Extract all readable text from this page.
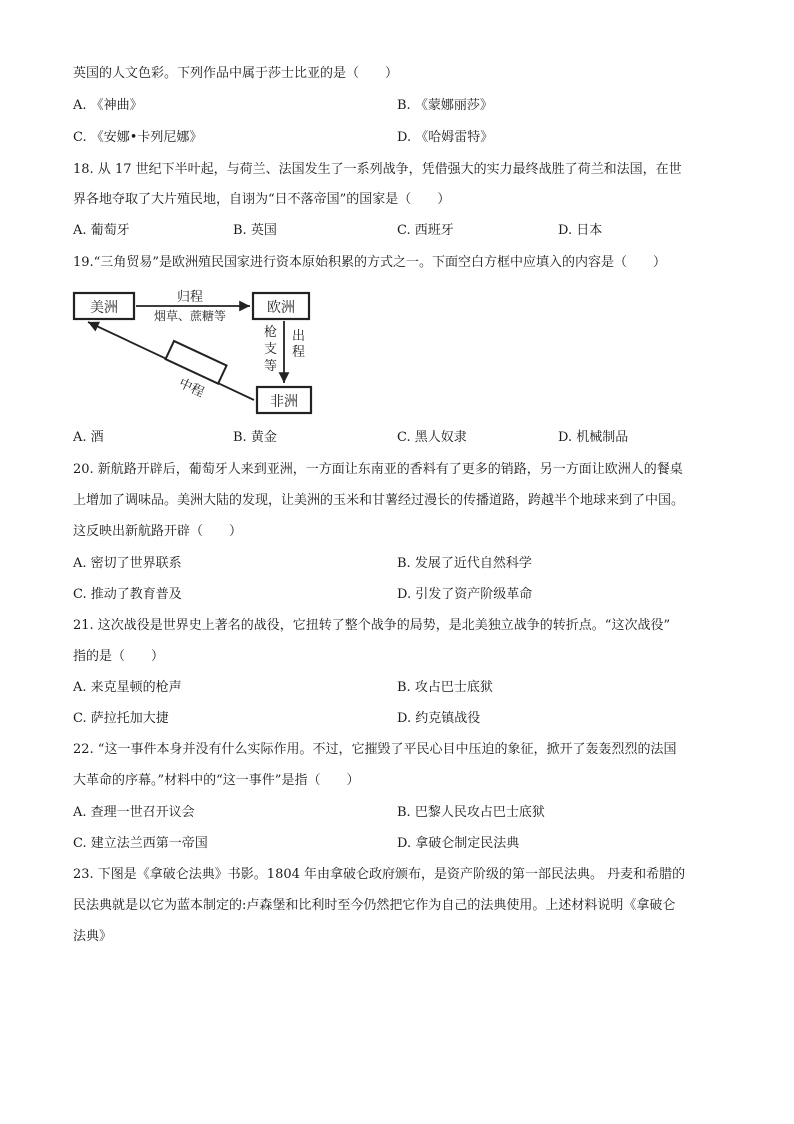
英国的人文色彩。下列作品中属于莎士比亚的是（　　）
A. 《神曲》	B. 《蒙娜丽莎》
C. 《安娜•卡列尼娜》	D. 《哈姆雷特》
18. 从 17 世纪下半叶起，与荷兰、法国发生了一系列战争，凭借强大的实力最终战胜了荷兰和法国，在世
界各地夺取了大片殖民地，自诩为“日不落帝国”的国家是（　　）
A. 葡萄牙	B. 英国	C. 西班牙	D. 日本
19.“三角贸易”是欧洲殖民国家进行资本原始积累的方式之一。下面空白方框中应填入的内容是（　　）
美洲	欧洲
非洲
归程
烟草、蔗糖等
出 程
枪 支 等
中程
A. 酒	B. 黄金	C. 黑人奴隶	D. 机械制品
20. 新航路开辟后，葡萄牙人来到亚洲，一方面让东南亚的香料有了更多的销路，另一方面让欧洲人的餐桌
上增加了调味品。美洲大陆的发现，让美洲的玉米和甘薯经过漫长的传播道路，跨越半个地球来到了中国。
这反映出新航路开辟（　　）
A. 密切了世界联系	B. 发展了近代自然科学
C. 推动了教育普及	D. 引发了资产阶级革命
21. 这次战役是世界史上著名的战役，它扭转了整个战争的局势，是北美独立战争的转折点。“这次战役”
指的是（　　）
A. 来克星顿的枪声	B. 攻占巴士底狱
C. 萨拉托加大捷	D. 约克镇战役
22. “这一事件本身并没有什么实际作用。不过，它摧毁了平民心目中压迫的象征，掀开了轰轰烈烈的法国
大革命的序幕。”材料中的“这一事件”是指（　　）
A. 查理一世召开议会	B. 巴黎人民攻占巴士底狱
C. 建立法兰西第一帝国	D. 拿破仑制定民法典
23. 下图是《拿破仑法典》书影。1804 年由拿破仑政府颁布，是资产阶级的第一部民法典。 丹麦和希腊的
民法典就是以它为蓝本制定的:卢森堡和比利时至今仍然把它作为自己的法典使用。上述材料说明《拿破仑
法典》
